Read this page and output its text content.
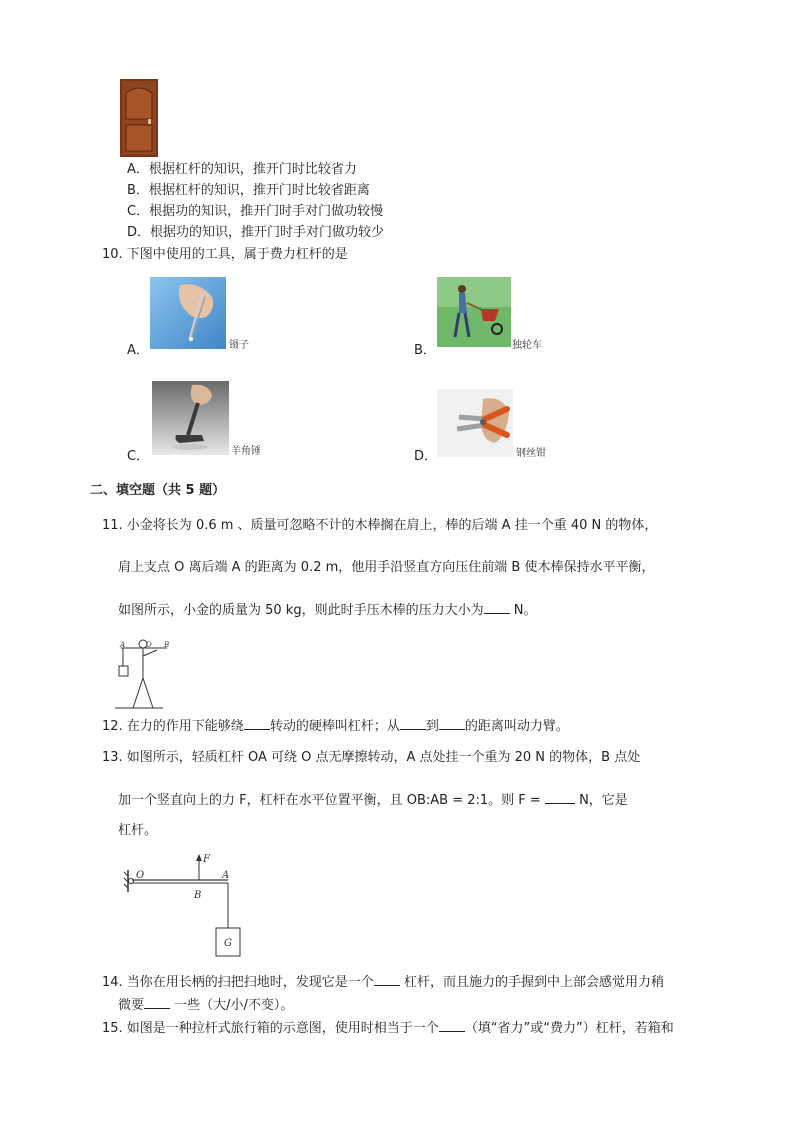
A．根据杠杆的知识，推开门时比较省力
B．根据杠杆的知识，推开门时比较省距离
C．根据功的知识，推开门时手对门做功较慢
D．根据功的知识，推开门时手对门做功较少
10. 下图中使用的工具，属于费力杠杆的是
A．	镊子	B．	独轮车
C．	羊角锤	D．	钢丝钳
二、填空题（共 5 题）
11. 小金将长为 0.6 m 、质量可忽略不计的木棒搁在肩上，棒的后端 A 挂一个重 40 N 的物体，
肩上支点 O 离后端 A 的距离为 0.2 m，他用手沿竖直方向压住前端 B 使木棒保持水平平衡，
如图所示，小金的质量为 50 kg，则此时手压木棒的压力大小为 N。
A	O B
12. 在力的作用下能够绕 转动的硬棒叫杠杆；从 到 的距离叫动力臂。
13. 如图所示，轻质杠杆 OA 可绕 O 点无摩擦转动，A 点处挂一个重为 20 N 的物体，B 点处
加一个竖直向上的力 F，杠杆在水平位置平衡，且 OB:AB = 2:1。则 F =	N，它是
杠杆。
O
F
A
B
G
14. 当你在用长柄的扫把扫地时，发现它是一个 杠杆，而且施力的手握到中上部会感觉用力稍
微要 一些（大/小/不变）。
15. 如图是一种拉杆式旅行箱的示意图，使用时相当于一个 （填“省力”或“费力”）杠杆，若箱和
